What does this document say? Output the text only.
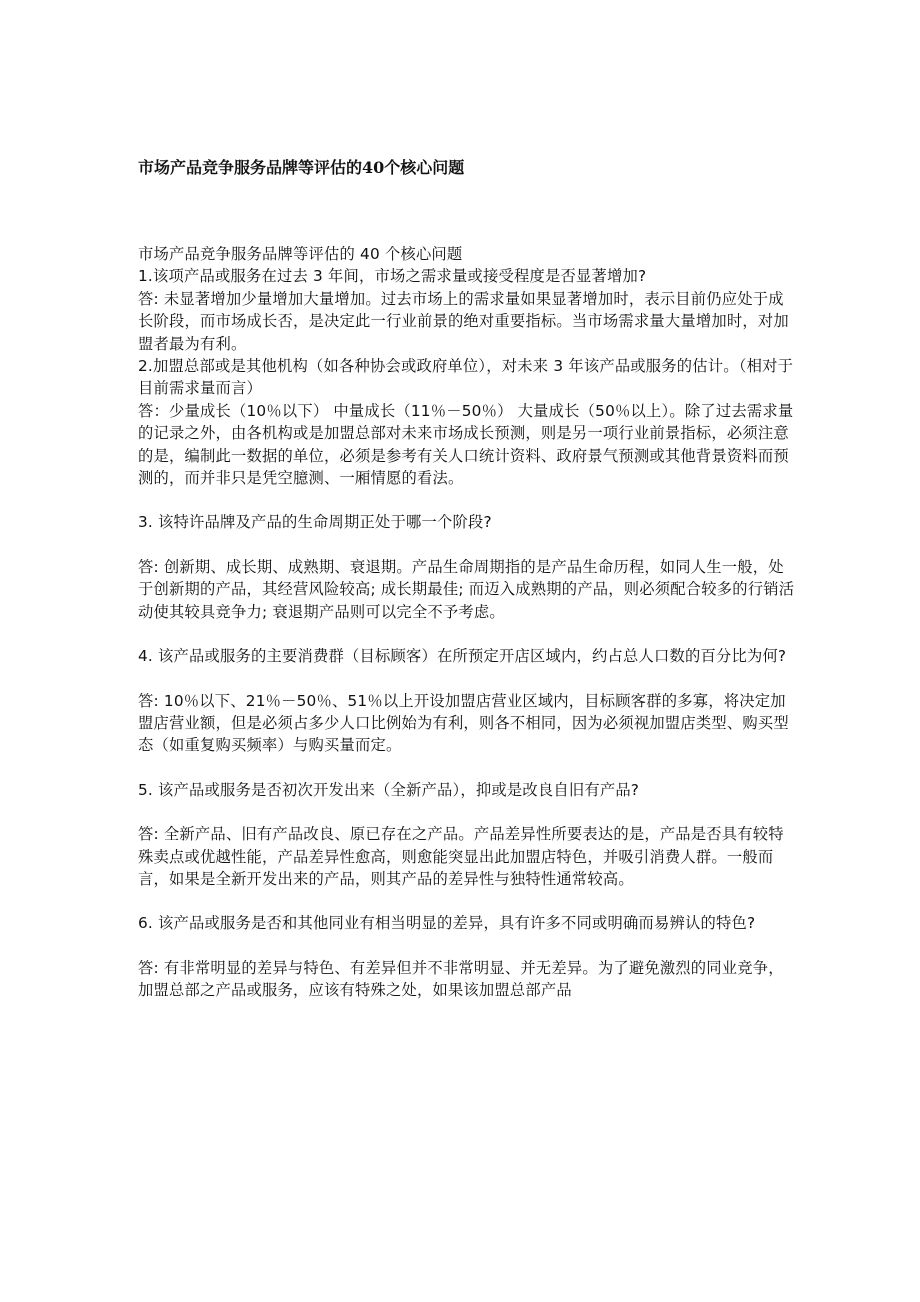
市场产品竞争服务品牌等评估的40个核心问题

市场产品竞争服务品牌等评估的 40 个核心问题

1.该项产品或服务在过去 3 年间，市场之需求量或接受程度是否显著增加?

答: 未显著增加少量增加大量增加。过去市场上的需求量如果显著增加时，表示目前仍应处于成长阶段，而市场成长否，是决定此一行业前景的绝对重要指标。当市场需求量大量增加时，对加盟者最为有利。

2.加盟总部或是其他机构（如各种协会或政府单位），对未来 3 年该产品或服务的估计。（相对于目前需求量而言）

答：少量成长（10％以下） 中量成长（11％－50％） 大量成长（50％以上）。除了过去需求量的记录之外，由各机构或是加盟总部对未来市场成长预测，则是另一项行业前景指标，必须注意的是，编制此一数据的单位，必须是参考有关人口统计资料、政府景气预测或其他背景资料而预测的，而并非只是凭空臆测、一厢情愿的看法。

3. 该特许品牌及产品的生命周期正处于哪一个阶段?

答: 创新期、成长期、成熟期、衰退期。产品生命周期指的是产品生命历程，如同人生一般，处于创新期的产品，其经营风险较高; 成长期最佳; 而迈入成熟期的产品，则必须配合较多的行销活动使其较具竞争力; 衰退期产品则可以完全不予考虑。

4. 该产品或服务的主要消费群（目标顾客）在所预定开店区域内，约占总人口数的百分比为何?

答: 10％以下、21％－50％、51％以上开设加盟店营业区域内，目标顾客群的多寡，将决定加盟店营业额，但是必须占多少人口比例始为有利，则各不相同，因为必须视加盟店类型、购买型态（如重复购买频率）与购买量而定。

5. 该产品或服务是否初次开发出来（全新产品），抑或是改良自旧有产品?

答: 全新产品、旧有产品改良、原已存在之产品。产品差异性所要表达的是，产品是否具有较特殊卖点或优越性能，产品差异性愈高，则愈能突显出此加盟店特色，并吸引消费人群。一般而言，如果是全新开发出来的产品，则其产品的差异性与独特性通常较高。

6. 该产品或服务是否和其他同业有相当明显的差异，具有许多不同或明确而易辨认的特色?

答: 有非常明显的差异与特色、有差异但并不非常明显、并无差异。为了避免激烈的同业竞争，加盟总部之产品或服务，应该有特殊之处，如果该加盟总部产品
